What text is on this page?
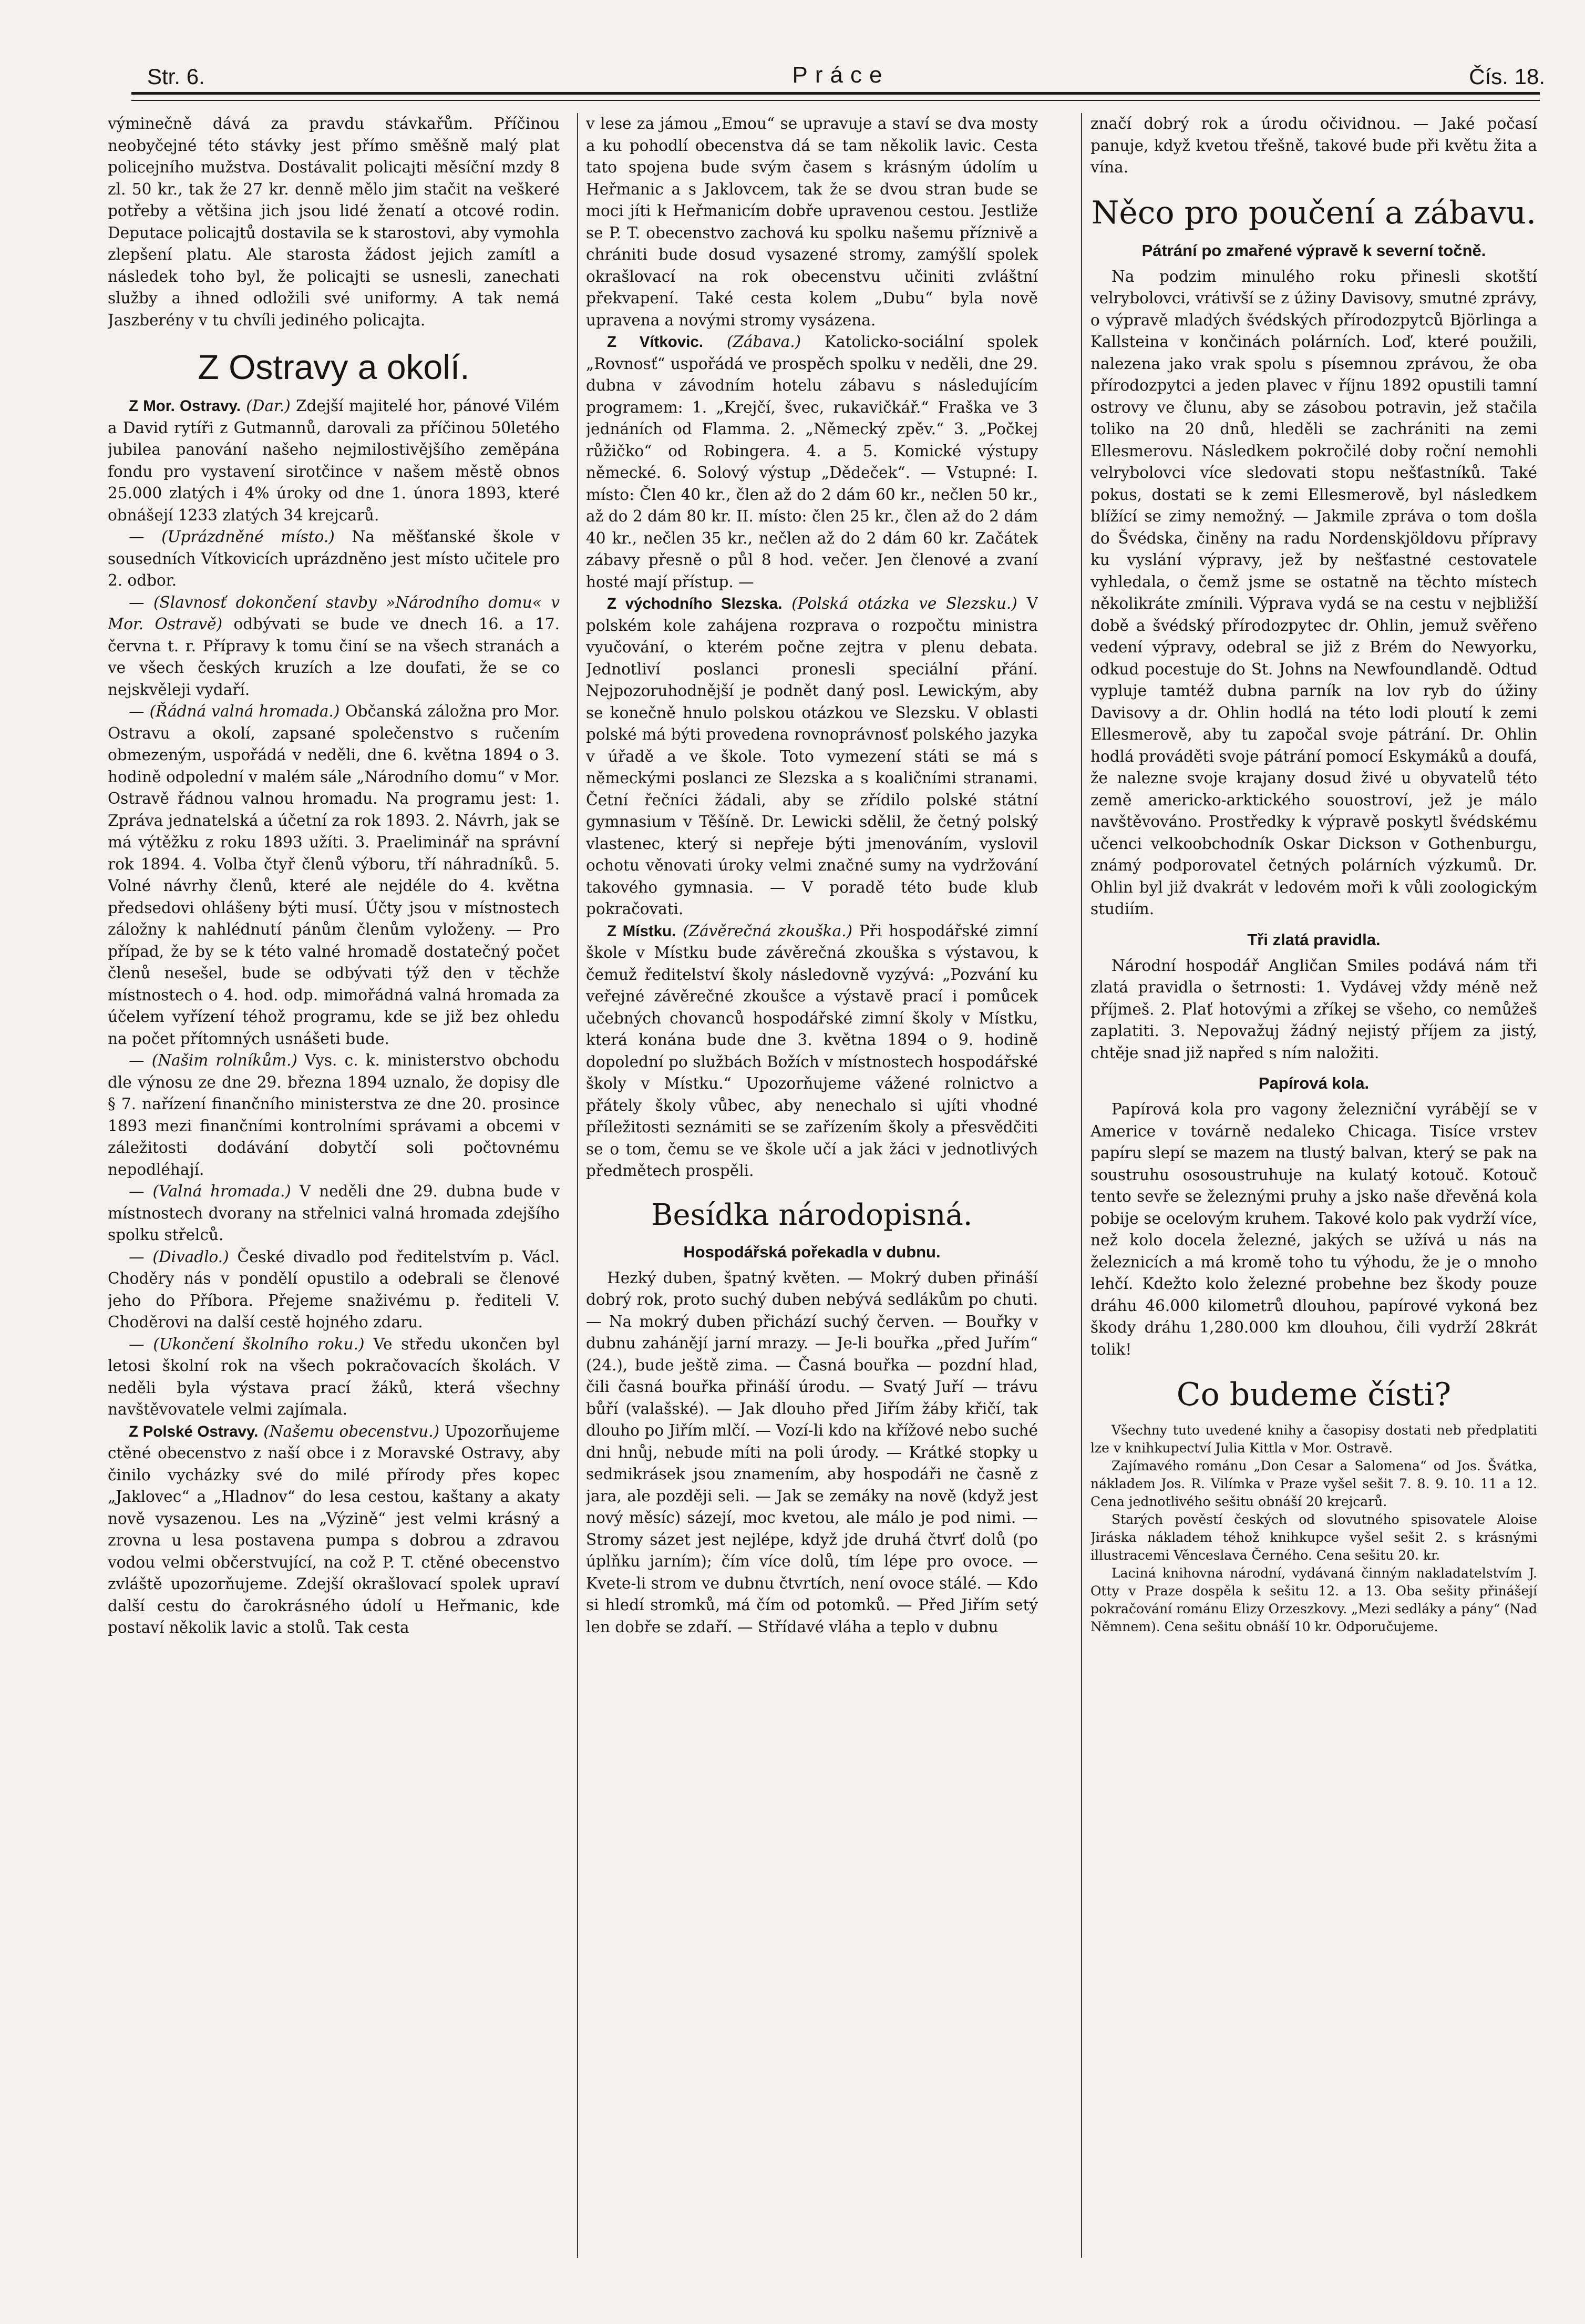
Str. 6.	Práce	Čís. 18.

výminečně dává za pravdu stávkařům. Příčinou neobyčejné této stávky jest přímo směšně malý plat policejního mužstva. Dostávalit policajti měsíční mzdy 8 zl. 50 kr., tak že 27 kr. denně mělo jim stačit na veškeré potřeby a většina jich jsou lidé ženatí a otcové rodin. Deputace policajtů dostavila se k starostovi, aby vymohla zlepšení platu. Ale starosta žádost jejich zamítl a následek toho byl, že policajti se usnesli, zanechati služby a ihned odložili své uniformy. A tak nemá Jaszberény v tu chvíli jediného policajta.

Z Ostravy a okolí.

Z Mor. Ostravy. (Dar.) Zdejší majitelé hor, pánové Vilém a David rytíři z Gutmannů, darovali za příčinou 50letého jubilea panování našeho nejmilostivějšího zeměpána fondu pro vystavení sirotčince v našem městě obnos 25.000 zlatých i 4% úroky od dne 1. února 1893, které obnášejí 1233 zlatých 34 krejcarů.

— (Uprázdněné místo.) Na měšťanské škole v sousedních Vítkovicích uprázdněno jest místo učitele pro 2. odbor.

— (Slavnosť dokončení stavby »Národního domu« v Mor. Ostravě) odbývati se bude ve dnech 16. a 17. června t. r. Přípravy k tomu činí se na všech stranách a ve všech českých kruzích a lze doufati, že se co nejskvěleji vydaří.

— (Řádná valná hromada.) Občanská záložna pro Mor. Ostravu a okolí, zapsané společenstvo s ručením obmezeným, uspořádá v neděli, dne 6. května 1894 o 3. hodině odpolední v malém sále „Národního domu“ v Mor. Ostravě řádnou valnou hromadu. Na programu jest: 1. Zpráva jednatelská a účetní za rok 1893. 2. Návrh, jak se má výtěžku z roku 1893 užíti. 3. Praeliminář na správní rok 1894. 4. Volba čtyř členů výboru, tří náhradníků. 5. Volné návrhy členů, které ale nejdéle do 4. května předsedovi ohlášeny býti musí. Účty jsou v místnostech záložny k nahlédnutí pánům členům vyloženy. — Pro případ, že by se k této valné hromadě dostatečný počet členů nesešel, bude se odbývati týž den v těchže místnostech o 4. hod. odp. mimořádná valná hromada za účelem vyřízení téhož programu, kde se již bez ohledu na počet přítomných usnášeti bude.

— (Našim rolníkům.) Vys. c. k. ministerstvo obchodu dle výnosu ze dne 29. března 1894 uznalo, že dopisy dle § 7. nařízení finančního ministerstva ze dne 20. prosince 1893 mezi finančními kontrolními správami a obcemi v záležitosti dodávání dobytčí soli počtovnému nepodléhají.

— (Valná hromada.) V neděli dne 29. dubna bude v místnostech dvorany na střelnici valná hromada zdejšího spolku střelců.

— (Divadlo.) České divadlo pod ředitelstvím p. Václ. Choděry nás v pondělí opustilo a odebrali se členové jeho do Příbora. Přejeme snaživému p. řediteli V. Choděrovi na další cestě hojného zdaru.

— (Ukončení školního roku.) Ve středu ukončen byl letosi školní rok na všech pokračovacích školách. V neděli byla výstava prací žáků, která všechny navštěvovatele velmi zajímala.

Z Polské Ostravy. (Našemu obecenstvu.) Upozorňujeme ctěné obecenstvo z naší obce i z Moravské Ostravy, aby činilo vycházky své do milé přírody přes kopec „Jaklovec“ a „Hladnov“ do lesa cestou, kaštany a akaty nově vysazenou. Les na „Výzině“ jest velmi krásný a zrovna u lesa postavena pumpa s dobrou a zdravou vodou velmi občerstvující, na což P. T. ctěné obecenstvo zvláště upozorňujeme. Zdejší okrašlovací spolek upraví další cestu do čarokrásného údolí u Heřmanic, kde postaví několik lavic a stolů. Tak cesta

v lese za jámou „Emou“ se upravuje a staví se dva mosty a ku pohodlí obecenstva dá se tam několik lavic. Cesta tato spojena bude svým časem s krásným údolím u Heřmanic a s Jaklovcem, tak že se dvou stran bude se moci jíti k Heřmanicím dobře upravenou cestou. Jestliže se P. T. obecenstvo zachová ku spolku našemu příznivě a chrániti bude dosud vysazené stromy, zamýšlí spolek okrašlovací na rok obecenstvu učiniti zvláštní překvapení. Také cesta kolem „Dubu“ byla nově upravena a novými stromy vysázena.

Z Vítkovic. (Zábava.) Katolicko-sociální spolek „Rovnosť“ uspořádá ve prospěch spolku v neděli, dne 29. dubna v závodním hotelu zábavu s následujícím programem: 1. „Krejčí, švec, rukavičkář.“ Fraška ve 3 jednáních od Flamma. 2. „Německý zpěv.“ 3. „Počkej růžičko“ od Robingera. 4. a 5. Komické výstupy německé. 6. Solový výstup „Dědeček“. — Vstupné: I. místo: Člen 40 kr., člen až do 2 dám 60 kr., nečlen 50 kr., až do 2 dám 80 kr. II. místo: člen 25 kr., člen až do 2 dám 40 kr., nečlen 35 kr., nečlen až do 2 dám 60 kr. Začátek zábavy přesně o půl 8 hod. večer. Jen členové a zvaní hosté mají přístup. —

Z východního Slezska. (Polská otázka ve Slezsku.) V polském kole zahájena rozprava o rozpočtu ministra vyučování, o kterém počne zejtra v plenu debata. Jednotliví poslanci pronesli speciální přání. Nejpozoruhodnější je podnět daný posl. Lewickým, aby se konečně hnulo polskou otázkou ve Slezsku. V oblasti polské má býti provedena rovnoprávnosť polského jazyka v úřadě a ve škole. Toto vymezení státi se má s německými poslanci ze Slezska a s koaličními stranami. Četní řečníci žádali, aby se zřídilo polské státní gymnasium v Těšíně. Dr. Lewicki sdělil, že četný polský vlastenec, který si nepřeje býti jmenováním, vyslovil ochotu věnovati úroky velmi značné sumy na vydržování takového gymnasia. — V poradě této bude klub pokračovati.

Z Místku. (Závěrečná zkouška.) Při hospodářské zimní škole v Místku bude závěrečná zkouška s výstavou, k čemuž ředitelství školy následovně vyzývá: „Pozvání ku veřejné závěrečné zkoušce a výstavě prací i pomůcek učebných chovanců hospodářské zimní školy v Místku, která konána bude dne 3. května 1894 o 9. hodině dopolední po službách Božích v místnostech hospodářské školy v Místku.“ Upozorňujeme vážené rolnictvo a přátely školy vůbec, aby nenechalo si ujíti vhodné příležitosti seznámiti se se zařízením školy a přesvědčiti se o tom, čemu se ve škole učí a jak žáci v jednotlivých předmětech prospěli.

Besídka národopisná.
Hospodářská pořekadla v dubnu.

Hezký duben, špatný květen. — Mokrý duben přináší dobrý rok, proto suchý duben nebývá sedlákům po chuti. — Na mokrý duben přichází suchý červen. — Bouřky v dubnu zahánějí jarní mrazy. — Je-li bouřka „před Juřím“ (24.), bude ještě zima. — Časná bouřka — pozdní hlad, čili časná bouřka přináší úrodu. — Svatý Juří — trávu bůří (valašské). — Jak dlouho před Jiřím žáby křičí, tak dlouho po Jiřím mlčí. — Vozí-li kdo na křížové nebo suché dni hnůj, nebude míti na poli úrody. — Krátké stopky u sedmikrásek jsou znamením, aby hospodáři ne časně z jara, ale později seli. — Jak se zemáky na nově (když jest nový měsíc) sázejí, moc kvetou, ale málo je pod nimi. — Stromy sázet jest nejlépe, když jde druhá čtvrť dolů (po úplňku jarním); čím více dolů, tím lépe pro ovoce. — Kvete-li strom ve dubnu čtvrtích, není ovoce stálé. — Kdo si hledí stromků, má čím od potomků. — Před Jiřím setý len dobře se zdaří. — Střídavé vláha a teplo v dubnu

značí dobrý rok a úrodu očividnou. — Jaké počasí panuje, když kvetou třešně, takové bude při květu žita a vína.

Něco pro poučení a zábavu.
Pátrání po zmařené výpravě k severní točně.

Na podzim minulého roku přinesli skotští velrybolovci, vrátivší se z úžiny Davisovy, smutné zprávy, o výpravě mladých švédských přírodozpytců Björlinga a Kallsteina v končinách polárních. Loď, které použili, nalezena jako vrak spolu s písemnou zprávou, že oba přírodozpytci a jeden plavec v říjnu 1892 opustili tamní ostrovy ve člunu, aby se zásobou potravin, jež stačila toliko na 20 dnů, hleděli se zachrániti na zemi Ellesmerovu. Následkem pokročilé doby roční nemohli velrybolovci více sledovati stopu nešťastníků. Také pokus, dostati se k zemi Ellesmerově, byl následkem blížící se zimy nemožný. — Jakmile zpráva o tom došla do Švédska, činěny na radu Nordenskjöldovu přípravy ku vyslání výpravy, jež by nešťastné cestovatele vyhledala, o čemž jsme se ostatně na těchto místech několikráte zmínili. Výprava vydá se na cestu v nejbližší době a švédský přírodozpytec dr. Ohlin, jemuž svěřeno vedení výpravy, odebral se již z Brém do Newyorku, odkud pocestuje do St. Johns na Newfoundlandě. Odtud vypluje tamtéž dubna parník na lov ryb do úžiny Davisovy a dr. Ohlin hodlá na této lodi ploutí k zemi Ellesmerově, aby tu započal svoje pátrání. Dr. Ohlin hodlá prováděti svoje pátrání pomocí Eskymáků a doufá, že nalezne svoje krajany dosud živé u obyvatelů této země americko-arktického souostroví, jež je málo navštěvováno. Prostředky k výpravě poskytl švédskému učenci velkoobchodník Oskar Dickson v Gothenburgu, známý podporovatel četných polárních výzkumů. Dr. Ohlin byl již dvakrát v ledovém moři k vůli zoologickým studiím.

Tři zlatá pravidla.

Národní hospodář Angličan Smiles podává nám tři zlatá pravidla o šetrnosti: 1. Vydávej vždy méně než příjmeš. 2. Plať hotovými a zříkej se všeho, co nemůžeš zaplatiti. 3. Nepovažuj žádný nejistý příjem za jistý, chtěje snad již napřed s ním naložiti.

Papírová kola.

Papírová kola pro vagony železniční vyrábějí se v Americe v továrně nedaleko Chicaga. Tisíce vrstev papíru slepí se mazem na tlustý balvan, který se pak na soustruhu ososoustruhuje na kulatý kotouč. Kotouč tento sevře se železnými pruhy a jsko naše dřevěná kola pobije se ocelovým kruhem. Takové kolo pak vydrží více, než kolo docela železné, jakých se užívá u nás na železnicích a má kromě toho tu výhodu, že je o mnoho lehčí. Kdežto kolo železné probehne bez škody pouze dráhu 46.000 kilometrů dlouhou, papírové vykoná bez škody dráhu 1,280.000 km dlouhou, čili vydrží 28krát tolik!

Co budeme čísti?

Všechny tuto uvedené knihy a časopisy dostati neb předplatiti lze v knihkupectví Julia Kittla v Mor. Ostravě.

Zajímavého románu „Don Cesar a Salomena“ od Jos. Švátka, nákladem Jos. R. Vilímka v Praze vyšel sešit 7. 8. 9. 10. 11 a 12. Cena jednotlivého sešitu obnáší 20 krejcarů.

Starých pověstí českých od slovutného spisovatele Aloise Jiráska nákladem téhož knihkupce vyšel sešit 2. s krásnými illustracemi Věnceslava Černého. Cena sešitu 20. kr.

Laciná knihovna národní, vydávaná činným nakladatelstvím J. Otty v Praze dospěla k sešitu 12. a 13. Oba sešity přinášejí pokračování románu Elizy Orzeszkovy. „Mezi sedláky a pány“ (Nad Němnem). Cena sešitu obnáší 10 kr. Odporučujeme.
